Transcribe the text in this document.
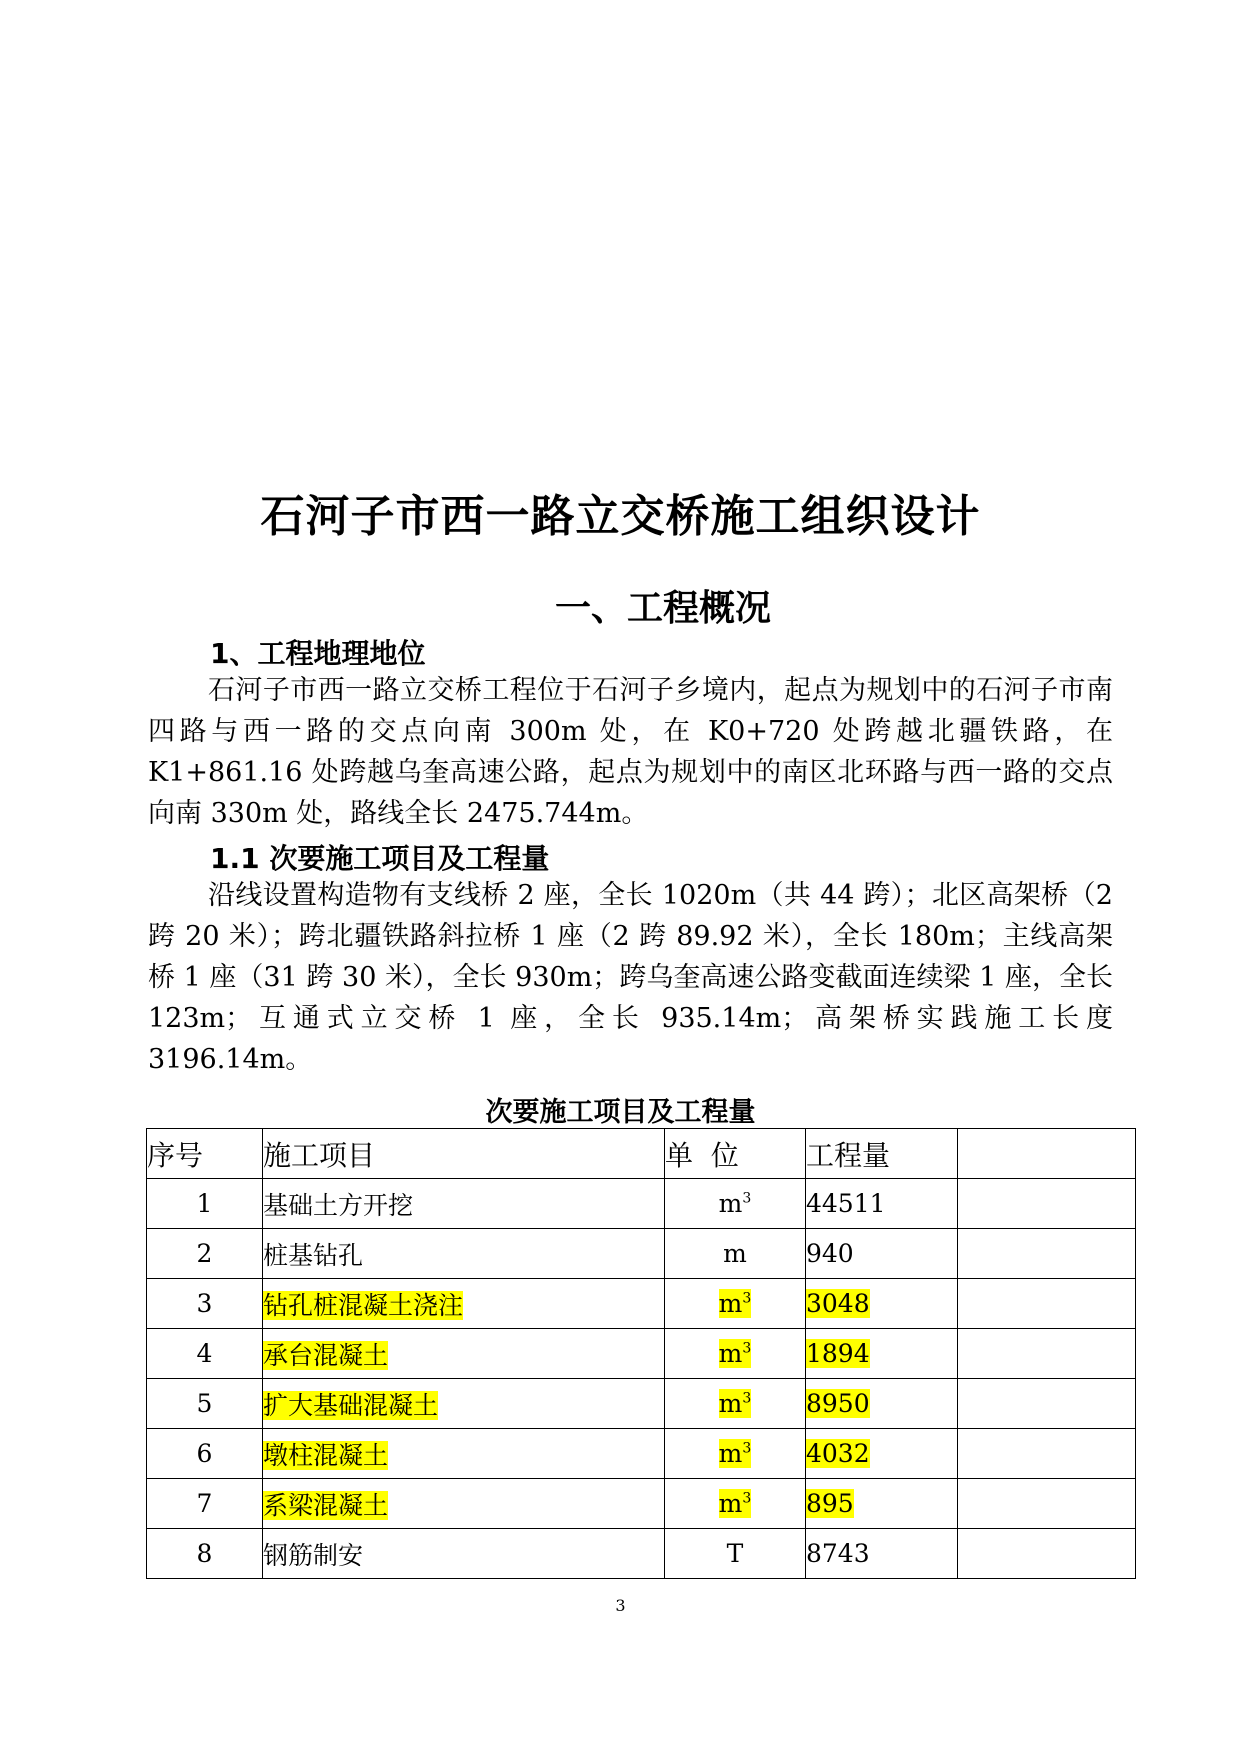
石河子市西一路立交桥施工组织设计
一、工程概况
1、工程地理地位
石河子市西一路立交桥工程位于石河子乡境内，起点为规划中的石河子市南四路与西一路的交点向南 300m 处，在 K0+720 处跨越北疆铁路，在 K1+861.16 处跨越乌奎高速公路，起点为规划中的南区北环路与西一路的交点向南 330m 处，路线全长 2475.744m。
1.1 次要施工项目及工程量
沿线设置构造物有支线桥 2 座，全长 1020m（共 44 跨）；北区高架桥（2 跨 20 米）；跨北疆铁路斜拉桥 1 座（2 跨 89.92 米），全长 180m；主线高架桥 1 座（31 跨 30 米），全长 930m；跨乌奎高速公路变截面连续梁 1 座，全长 123m；互通式立交桥 1 座，全长 935.14m；高架桥实践施工长度 3196.14m。
次要施工项目及工程量
序号	施工项目	单  位	工程量	
1	基础土方开挖	$m^3$	44511	
2	桩基钻孔	m	940	
3	钻孔桩混凝土浇注	$m^3$	3048	
4	承台混凝土	$m^3$	1894	
5	扩大基础混凝土	$m^3$	8950	
6	墩柱混凝土	$m^3$	4032	
7	系梁混凝土	$m^3$	895	
8	钢筋制安	T	8743	
3
